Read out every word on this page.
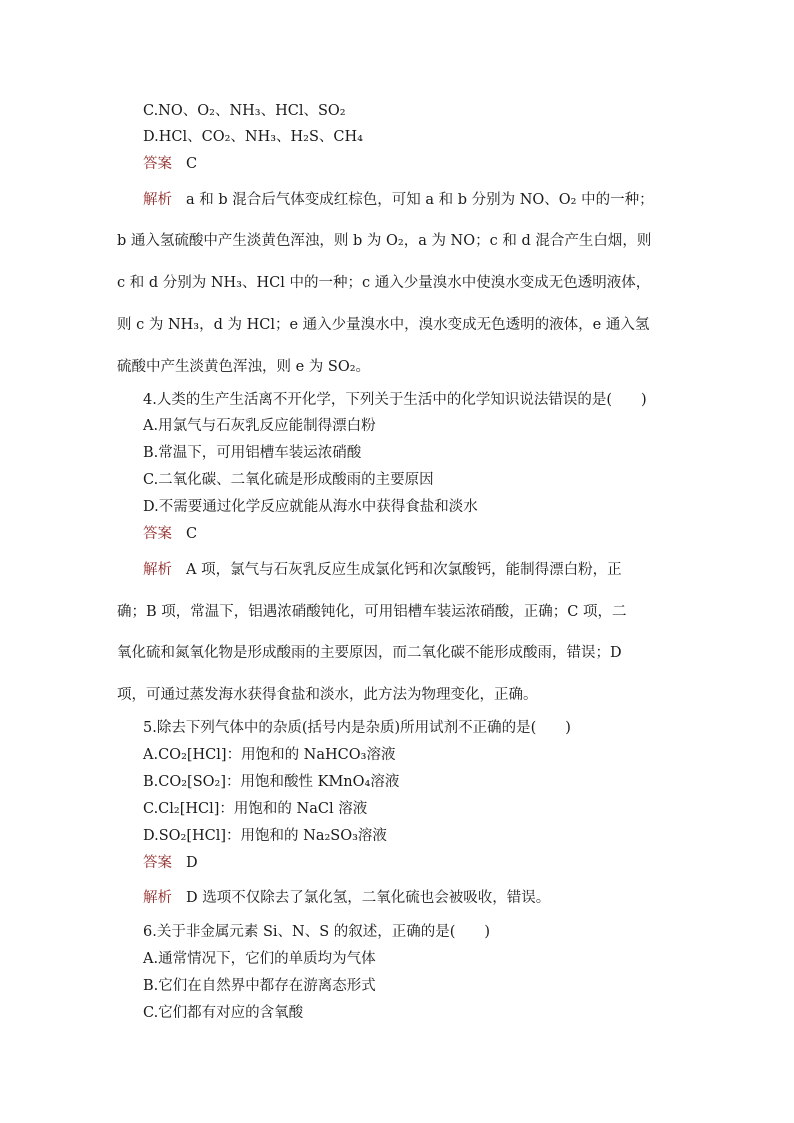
C.NO、O₂、NH₃、HCl、SO₂
D.HCl、CO₂、NH₃、H₂S、CH₄
答案 C
解析 a 和 b 混合后气体变成红棕色，可知 a 和 b 分别为 NO、O₂ 中的一种；
b 通入氢硫酸中产生淡黄色浑浊，则 b 为 O₂，a 为 NO；c 和 d 混合产生白烟，则
c 和 d 分别为 NH₃、HCl 中的一种；c 通入少量溴水中使溴水变成无色透明液体，
则 c 为 NH₃，d 为 HCl；e 通入少量溴水中，溴水变成无色透明的液体，e 通入氢
硫酸中产生淡黄色浑浊，则 e 为 SO₂。
4.人类的生产生活离不开化学，下列关于生活中的化学知识说法错误的是(　　)
A.用氯气与石灰乳反应能制得漂白粉
B.常温下，可用铝槽车装运浓硝酸
C.二氧化碳、二氧化硫是形成酸雨的主要原因
D.不需要通过化学反应就能从海水中获得食盐和淡水
答案 C
解析 A 项，氯气与石灰乳反应生成氯化钙和次氯酸钙，能制得漂白粉，正
确；B 项，常温下，铝遇浓硝酸钝化，可用铝槽车装运浓硝酸，正确；C 项，二
氧化硫和氮氧化物是形成酸雨的主要原因，而二氧化碳不能形成酸雨，错误；D
项，可通过蒸发海水获得食盐和淡水，此方法为物理变化，正确。
5.除去下列气体中的杂质(括号内是杂质)所用试剂不正确的是(　　)
A.CO₂[HCl]：用饱和的 NaHCO₃溶液
B.CO₂[SO₂]：用饱和酸性 KMnO₄溶液
C.Cl₂[HCl]：用饱和的 NaCl 溶液
D.SO₂[HCl]：用饱和的 Na₂SO₃溶液
答案 D
解析 D 选项不仅除去了氯化氢，二氧化硫也会被吸收，错误。
6.关于非金属元素 Si、N、S 的叙述，正确的是(　　)
A.通常情况下，它们的单质均为气体
B.它们在自然界中都存在游离态形式
C.它们都有对应的含氧酸
